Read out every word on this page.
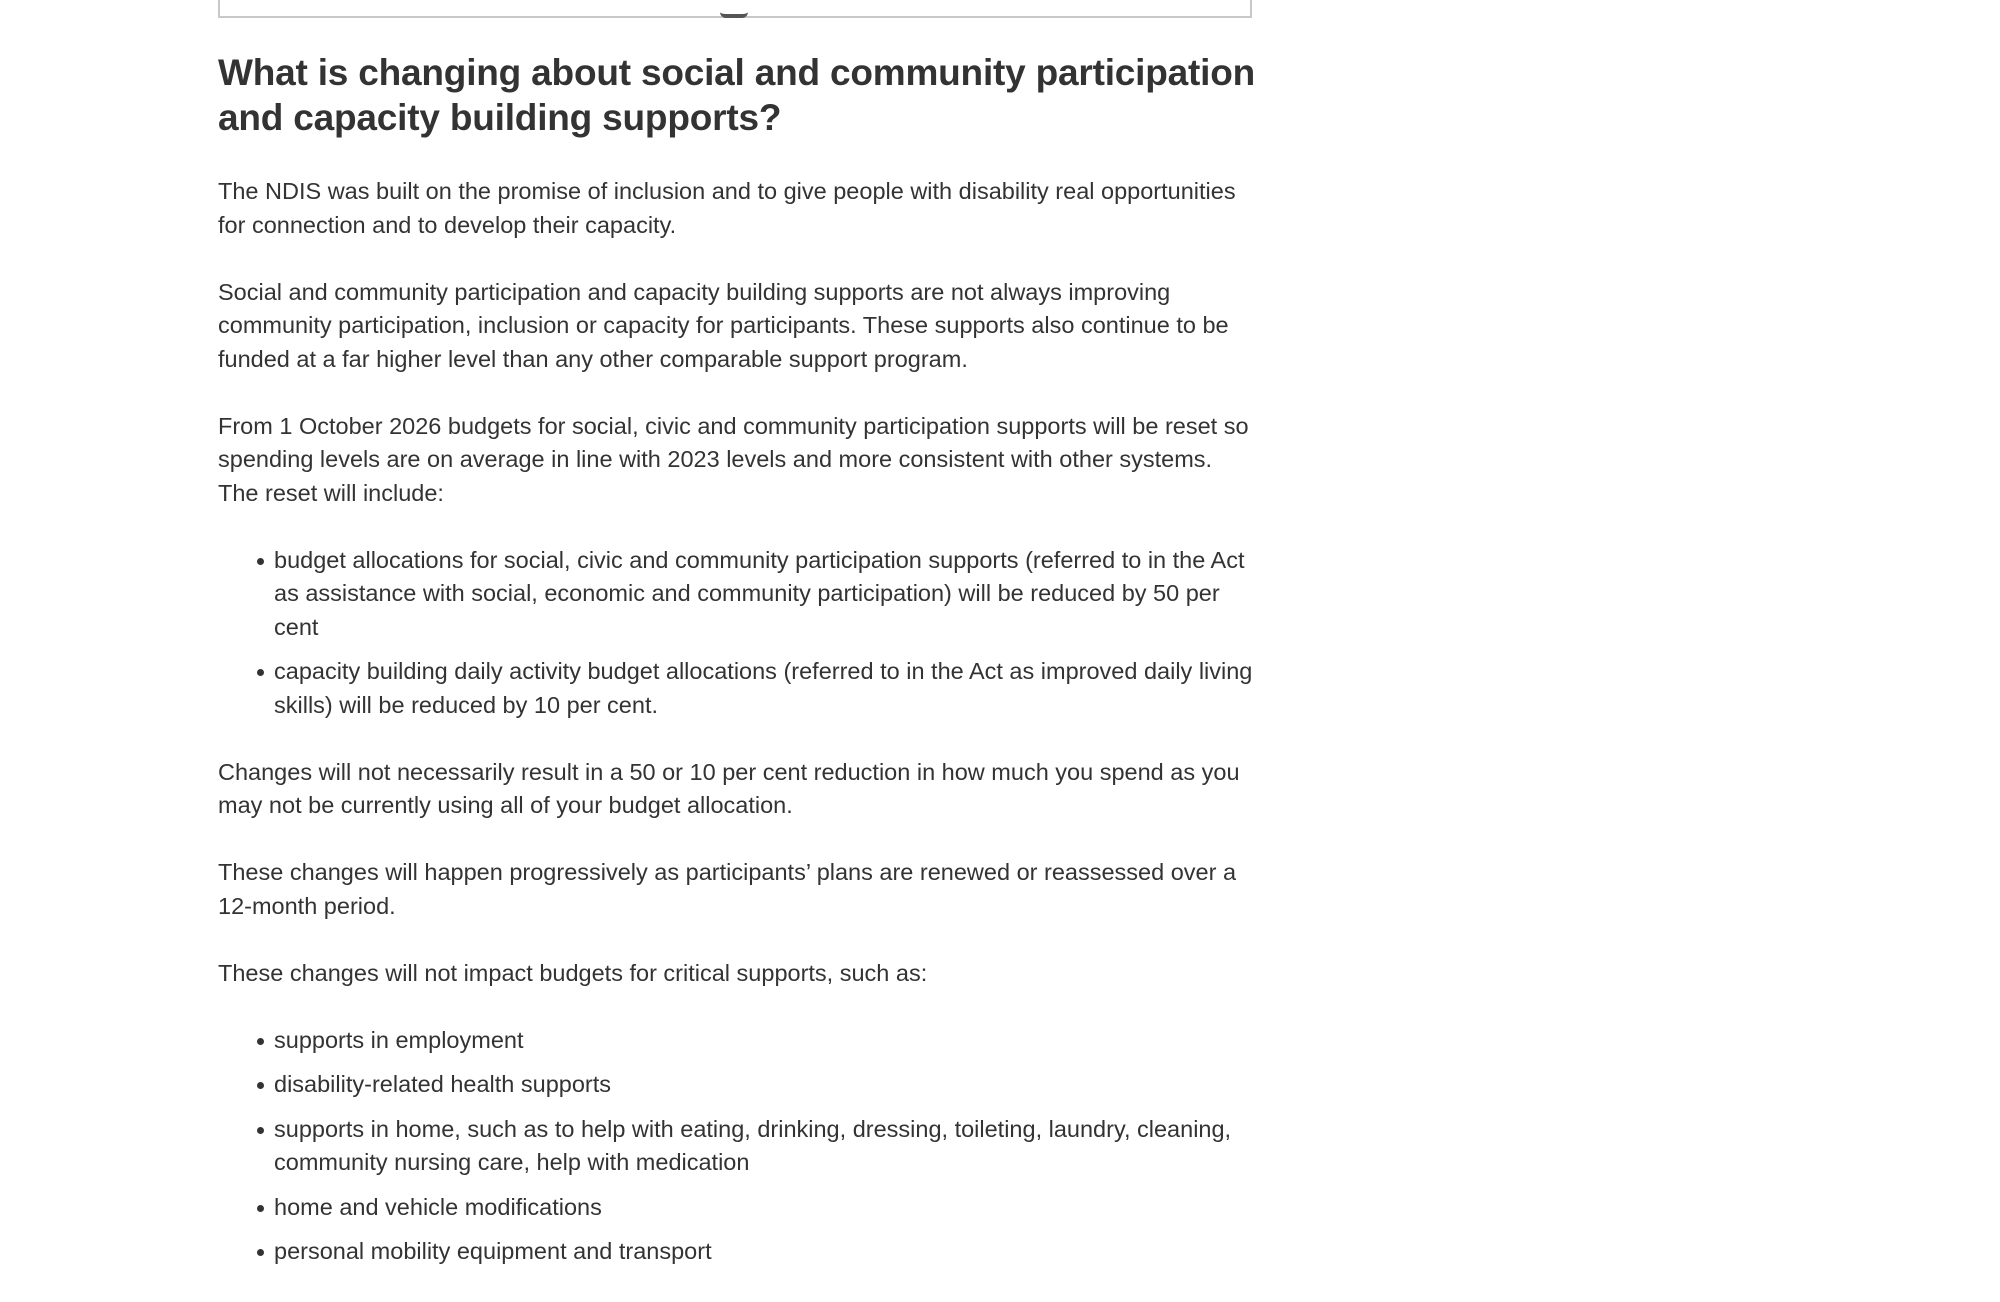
What is changing about social and community participation and capacity building supports?

The NDIS was built on the promise of inclusion and to give people with disability real opportunities for connection and to develop their capacity.

Social and community participation and capacity building supports are not always improving community participation, inclusion or capacity for participants. These supports also continue to be funded at a far higher level than any other comparable support program.

From 1 October 2026 budgets for social, civic and community participation supports will be reset so spending levels are on average in line with 2023 levels and more consistent with other systems. The reset will include:

budget allocations for social, civic and community participation supports (referred to in the Act as assistance with social, economic and community participation) will be reduced by 50 per cent
capacity building daily activity budget allocations (referred to in the Act as improved daily living skills) will be reduced by 10 per cent.

Changes will not necessarily result in a 50 or 10 per cent reduction in how much you spend as you may not be currently using all of your budget allocation.

These changes will happen progressively as participants’ plans are renewed or reassessed over a 12-month period.

These changes will not impact budgets for critical supports, such as:

supports in employment
disability-related health supports
supports in home, such as to help with eating, drinking, dressing, toileting, laundry, cleaning, community nursing care, help with medication
home and vehicle modifications
personal mobility equipment and transport
